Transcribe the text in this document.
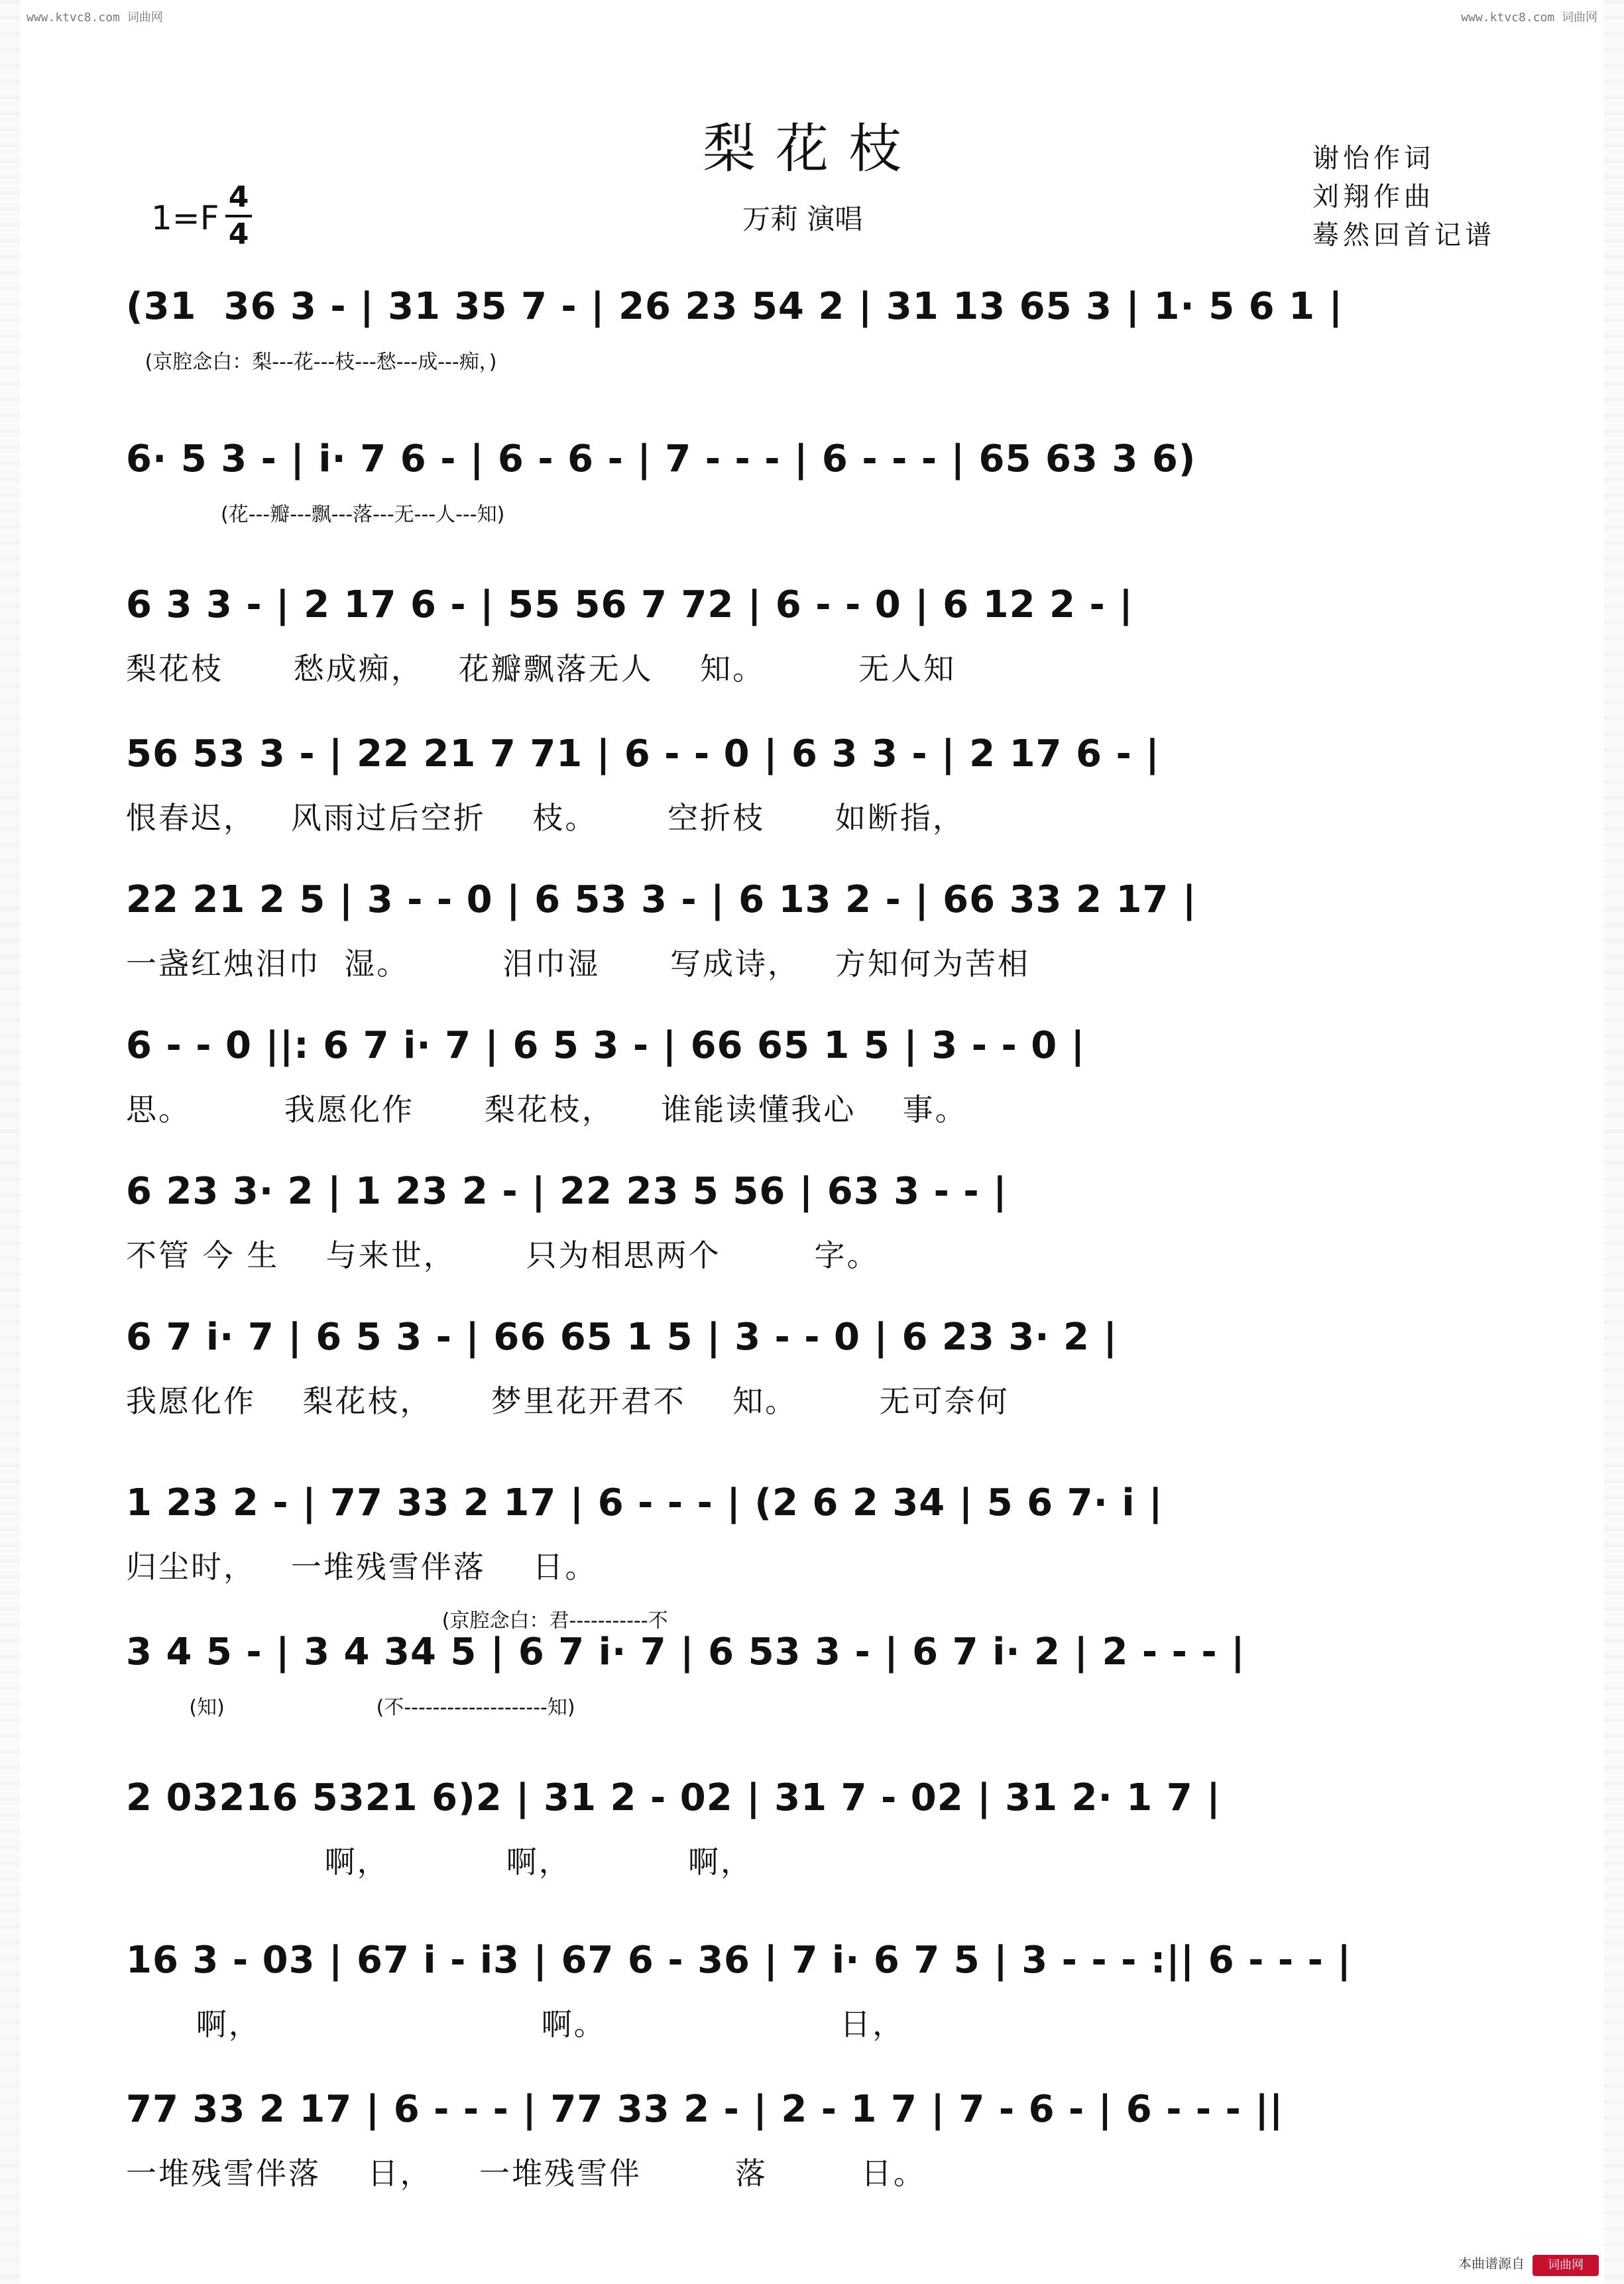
www.ktvc8.com 词曲网	www.ktvc8.com 词曲网
梨花枝
万莉 演唱
1=F
4
4
谢怡作词
刘翔作曲
蓦然回首记谱
(31  36 3 - | 31 35 7 - | 26 23 54 2 | 31 13 65 3 | 1· 5 6 1 |
(京腔念白：梨---花---枝---愁---成---痴，)
6· 5 3 - | i· 7 6 - | 6 - 6 - | 7 - - - | 6 - - - | 65 63 3 6)
(花---瓣---飘---落---无---人---知)
6 3 3 - | 2 17 6 - | 55 56 7 72 | 6 - - 0 | 6 12 2 - |
梨花枝      愁成痴，   花瓣飘落无人    知。        无人知
56 53 3 - | 22 21 7 71 | 6 - - 0 | 6 3 3 - | 2 17 6 - |
恨春迟，   风雨过后空折    枝。      空折枝      如断指，
22 21 2 5 | 3 - - 0 | 6 53 3 - | 6 13 2 - | 66 33 2 17 |
一盏红烛泪巾  湿。        泪巾湿      写成诗，   方知何为苦相
6 - - 0 ||: 6 7 i· 7 | 6 5 3 - | 66 65 1 5 | 3 - - 0 |
思。        我愿化作      梨花枝，    谁能读懂我心    事。
6 23 3· 2 | 1 23 2 - | 22 23 5 56 | 63 3 - - |
不管 今 生    与来世，      只为相思两个        字。
6 7 i· 7 | 6 5 3 - | 66 65 1 5 | 3 - - 0 | 6 23 3· 2 |
我愿化作    梨花枝，     梦里花开君不    知。       无可奈何
1 23 2 - | 77 33 2 17 | 6 - - - | (2 6 2 34 | 5 6 7· i |
归尘时，   一堆残雪伴落    日。
(京腔念白：君-----------不
3 4 5 - | 3 4 34 5 | 6 7 i· 7 | 6 53 3 - | 6 7 i· 2 | 2 - - - |
(知)                        (不--------------------知)
2 03216 5321 6)2 | 31 2 - 02 | 31 7 - 02 | 31 2· 1 7 |
啊，          啊，          啊，
16 3 - 03 | 67 i - i3 | 67 6 - 36 | 7 i· 6 7 5 | 3 - - - :|| 6 - - - |
啊，                        啊。                    日，
77 33 2 17 | 6 - - - | 77 33 2 - | 2 - 1 7 | 7 - 6 - | 6 - - - ||
一堆残雪伴落    日，    一堆残雪伴        落        日。
本曲谱源自	词曲网
